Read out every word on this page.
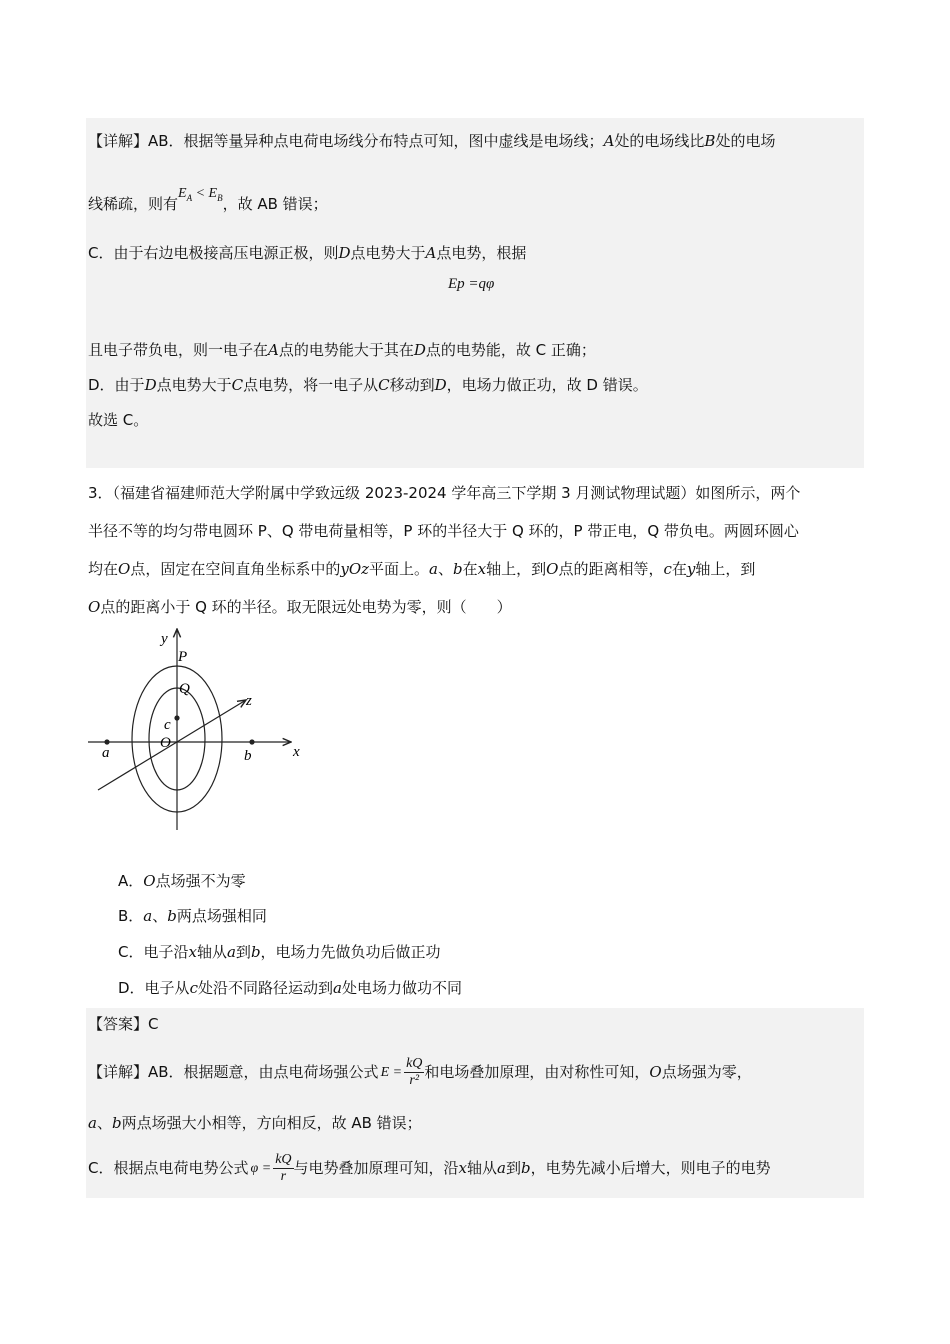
【详解】AB．根据等量异种点电荷电场线分布特点可知，图中虚线是电场线；A处的电场线比B处的电场
线稀疏，则有$E_A < E_B$，故 AB 错误；
C．由于右边电极接高压电源正极，则D点电势大于A点电势，根据
Ep =qφ
且电子带负电，则一电子在A点的电势能大于其在D点的电势能，故 C 正确；
D．由于D点电势大于C点电势，将一电子从C移动到D，电场力做正功，故 D 错误。
故选 C。
3．（福建省福建师范大学附属中学致远级 2023-2024 学年高三下学期 3 月测试物理试题）如图所示，两个
半径不等的均匀带电圆环 P、Q 带电荷量相等，P 环的半径大于 Q 环的，P 带正电，Q 带负电。两圆环圆心
均在O点，固定在空间直角坐标系中的yOz平面上。a、b在x轴上，到O点的距离相等，c在y轴上，到
O点的距离小于 Q 环的半径。取无限远处电势为零，则（　　）
y
P
Q
z
c
O
a	b	x
A．O点场强不为零
B．a、b两点场强相同
C．电子沿x轴从a到b，电场力先做负功后做正功
D．电子从c处沿不同路径运动到a处电场力做功不同
【答案】C
【详解】AB．根据题意，由点电荷场强公式 $E = \frac{kQ}{\text{r²}}$ 和电场叠加原理，由对称性可知，O点场强为零，
a、b两点场强大小相等，方向相反，故 AB 错误；
C．根据点电荷电势公式 $\varphi = \frac{kQ}{r}$ 与电势叠加原理可知，沿x轴从a到b，电势先减小后增大，则电子的电势
